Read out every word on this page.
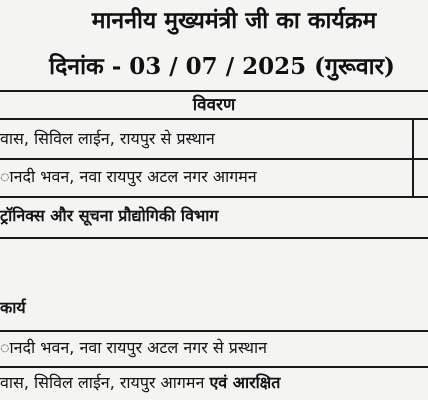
माननीय मुख्यमंत्री जी का कार्यक्रम
दिनांक - 03 / 07 / 2025 (गुरूवार)
विवरण
वास, सिविल लाईन, रायपुर से प्रस्थान
ानदी भवन, नवा रायपुर अटल नगर आगमन
ट्रॉनिक्स और सूचना प्रौद्योगिकी विभाग
कार्य
ानदी भवन, नवा रायपुर अटल नगर से प्रस्थान
वास, सिविल लाईन, रायपुर आगमन एवं आरक्षित
